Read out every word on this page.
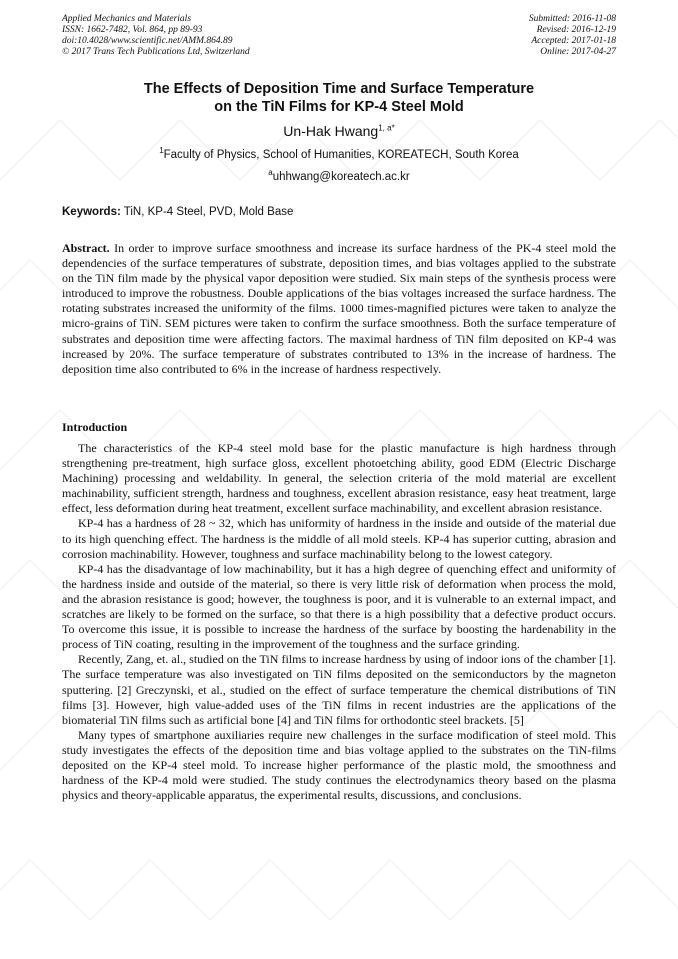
Applied Mechanics and Materials
ISSN: 1662-7482, Vol. 864, pp 89-93
doi:10.4028/www.scientific.net/AMM.864.89
© 2017 Trans Tech Publications Ltd, Switzerland
Submitted: 2016-11-08
Revised: 2016-12-19
Accepted: 2017-01-18
Online: 2017-04-27
The Effects of Deposition Time and Surface Temperature
on the TiN Films for KP-4 Steel Mold
Un-Hak Hwang$^{1, a*}$
$^1$Faculty of Physics, School of Humanities, KOREATECH, South Korea
$^a$uhhwang@koreatech.ac.kr
Keywords: TiN, KP-4 Steel, PVD, Mold Base
Abstract. In order to improve surface smoothness and increase its surface hardness of the PK-4 steel mold the dependencies of the surface temperatures of substrate, deposition times, and bias voltages applied to the substrate on the TiN film made by the physical vapor deposition were studied. Six main steps of the synthesis process were introduced to improve the robustness. Double applications of the bias voltages increased the surface hardness. The rotating substrates increased the uniformity of the films. 1000 times-magnified pictures were taken to analyze the micro-grains of TiN. SEM pictures were taken to confirm the surface smoothness. Both the surface temperature of substrates and deposition time were affecting factors. The maximal hardness of TiN film deposited on KP-4 was increased by 20%. The surface temperature of substrates contributed to 13% in the increase of hardness. The deposition time also contributed to 6% in the increase of hardness respectively.
Introduction

The characteristics of the KP-4 steel mold base for the plastic manufacture is high hardness through strengthening pre-treatment, high surface gloss, excellent photoetching ability, good EDM (Electric Discharge Machining) processing and weldability. In general, the selection criteria of the mold material are excellent machinability, sufficient strength, hardness and toughness, excellent abrasion resistance, easy heat treatment, large effect, less deformation during heat treatment, excellent surface machinability, and excellent abrasion resistance.

KP-4 has a hardness of 28 ~ 32, which has uniformity of hardness in the inside and outside of the material due to its high quenching effect. The hardness is the middle of all mold steels. KP-4 has superior cutting, abrasion and corrosion machinability. However, toughness and surface machinability belong to the lowest category.

KP-4 has the disadvantage of low machinability, but it has a high degree of quenching effect and uniformity of the hardness inside and outside of the material, so there is very little risk of deformation when process the mold, and the abrasion resistance is good; however, the toughness is poor, and it is vulnerable to an external impact, and scratches are likely to be formed on the surface, so that there is a high possibility that a defective product occurs. To overcome this issue, it is possible to increase the hardness of the surface by boosting the hardenability in the process of TiN coating, resulting in the improvement of the toughness and the surface grinding.

Recently, Zang, et. al., studied on the TiN films to increase hardness by using of indoor ions of the chamber [1]. The surface temperature was also investigated on TiN films deposited on the semiconductors by the magneton sputtering. [2] Greczynski, et al., studied on the effect of surface temperature the chemical distributions of TiN films [3]. However, high value-added uses of the TiN films in recent industries are the applications of the biomaterial TiN films such as artificial bone [4] and TiN films for orthodontic steel brackets. [5]

Many types of smartphone auxiliaries require new challenges in the surface modification of steel mold. This study investigates the effects of the deposition time and bias voltage applied to the substrates on the TiN-films deposited on the KP-4 steel mold. To increase higher performance of the plastic mold, the smoothness and hardness of the KP-4 mold were studied. The study continues the electrodynamics theory based on the plasma physics and theory-applicable apparatus, the experimental results, discussions, and conclusions.
